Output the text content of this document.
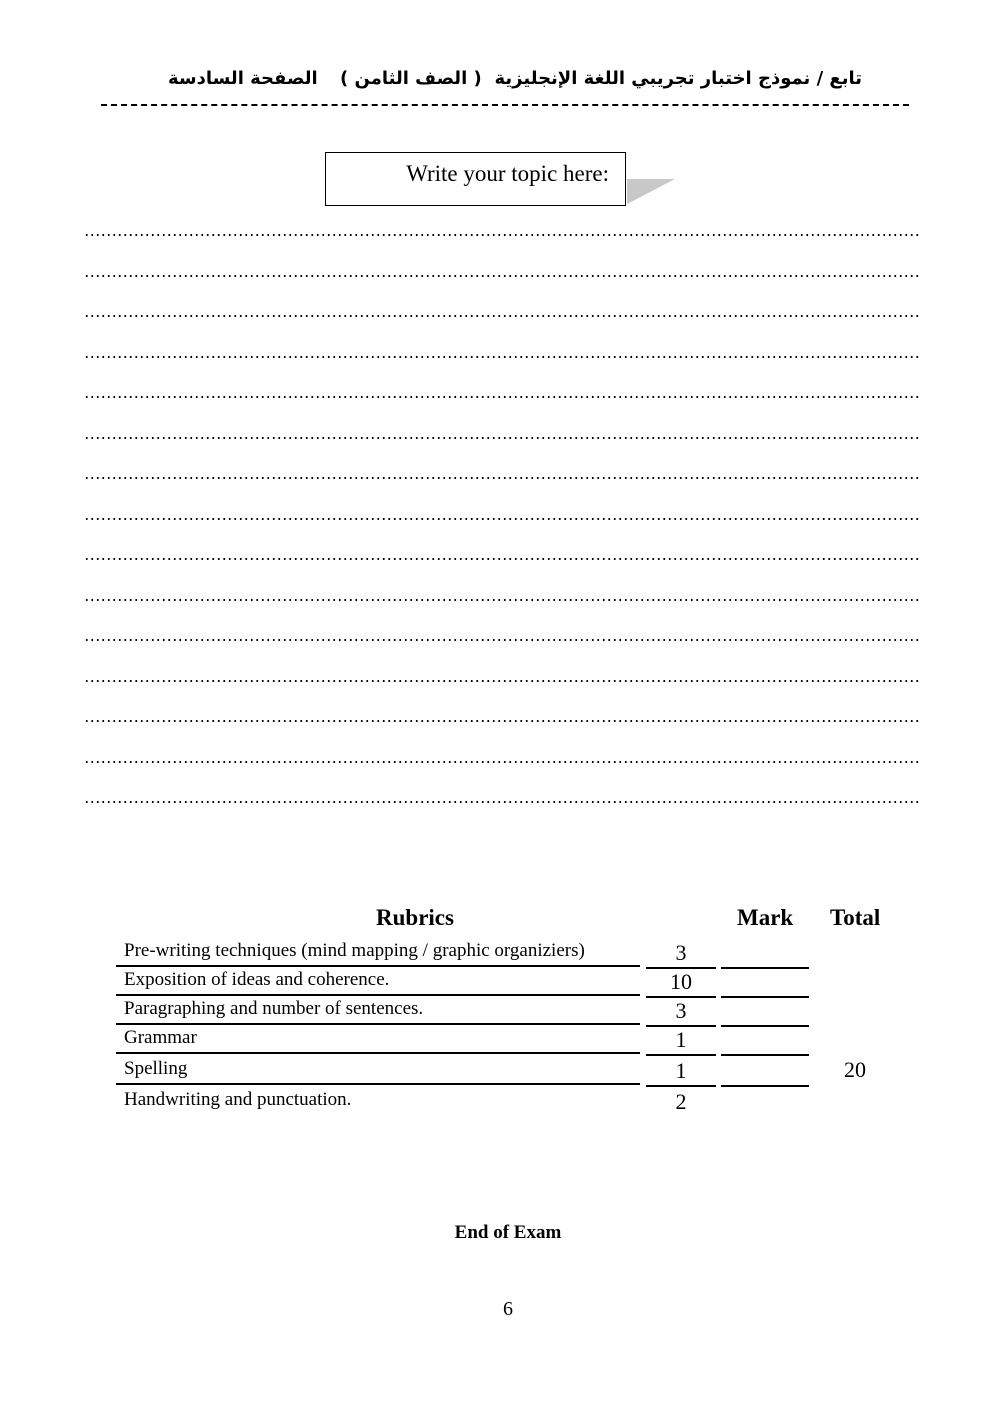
الصفحة السادسة ( الصف الثامن ) تابع / نموذج اختبار تجريبي اللغة الإنجليزية
Write your topic here:
Rubrics	Mark Total
Pre-writing techniques (mind mapping / graphic organiziers)	3
Exposition of ideas and coherence.	10
Paragraphing and number of sentences.	3
Grammar	1
Spelling	1
Handwriting and punctuation.	2
20
End of Exam
6
